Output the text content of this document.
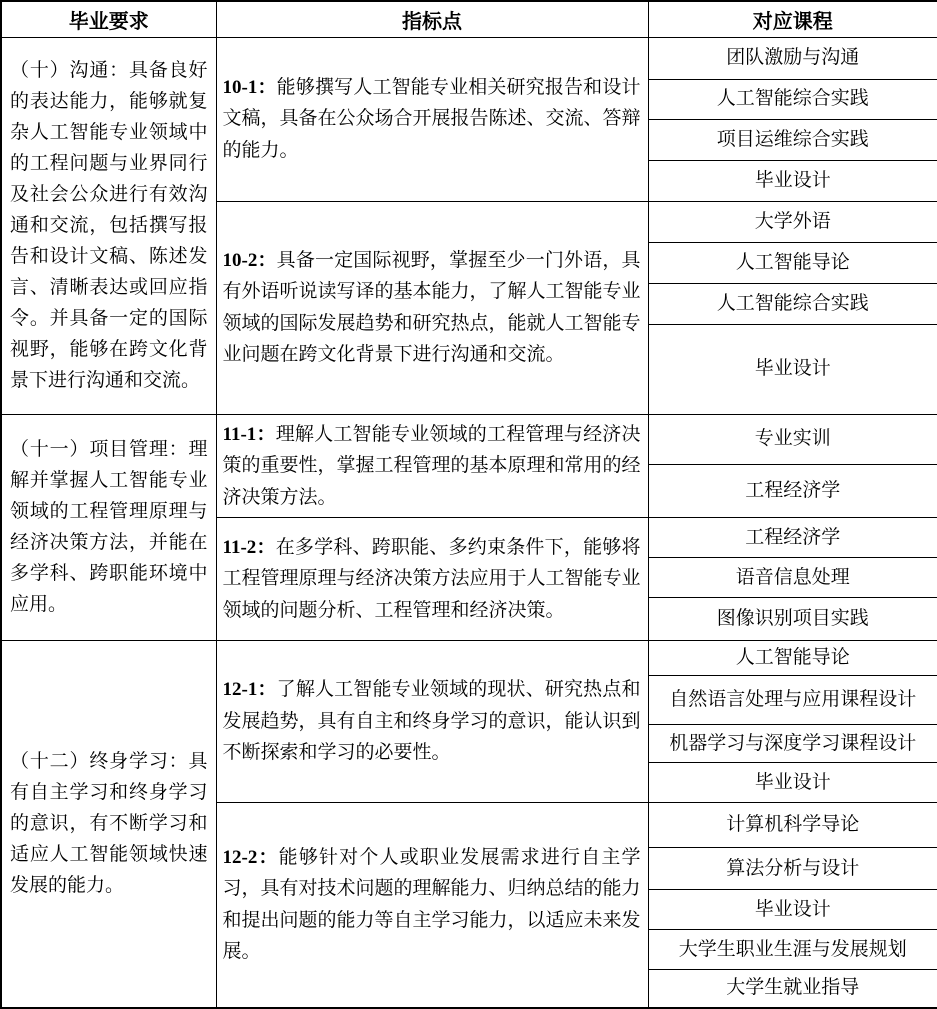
毕业要求	指标点	对应课程
（十）沟通：具备良好的表达能力，能够就复杂人工智能专业领域中的工程问题与业界同行及社会公众进行有效沟通和交流，包括撰写报告和设计文稿、陈述发言、清晰表达或回应指令。并具备一定的国际视野，能够在跨文化背景下进行沟通和交流。	10-1：能够撰写人工智能专业相关研究报告和设计文稿，具备在公众场合开展报告陈述、交流、答辩的能力。	团队激励与沟通
		人工智能综合实践
		项目运维综合实践
		毕业设计
	10-2：具备一定国际视野，掌握至少一门外语，具有外语听说读写译的基本能力，了解人工智能专业领域的国际发展趋势和研究热点，能就人工智能专业问题在跨文化背景下进行沟通和交流。	大学外语
		人工智能导论
		人工智能综合实践
		毕业设计
（十一）项目管理：理解并掌握人工智能专业领域的工程管理原理与经济决策方法，并能在多学科、跨职能环境中应用。	11-1：理解人工智能专业领域的工程管理与经济决策的重要性，掌握工程管理的基本原理和常用的经济决策方法。	专业实训
		工程经济学
	11-2：在多学科、跨职能、多约束条件下，能够将工程管理原理与经济决策方法应用于人工智能专业领域的问题分析、工程管理和经济决策。	工程经济学
		语音信息处理
		图像识别项目实践
（十二）终身学习：具有自主学习和终身学习的意识，有不断学习和适应人工智能领域快速发展的能力。	12-1：了解人工智能专业领域的现状、研究热点和发展趋势，具有自主和终身学习的意识，能认识到不断探索和学习的必要性。	人工智能导论
		自然语言处理与应用课程设计
		机器学习与深度学习课程设计
		毕业设计
	12-2：能够针对个人或职业发展需求进行自主学习，具有对技术问题的理解能力、归纳总结的能力和提出问题的能力等自主学习能力，以适应未来发展。	计算机科学导论
		算法分析与设计
		毕业设计
		大学生职业生涯与发展规划
		大学生就业指导
